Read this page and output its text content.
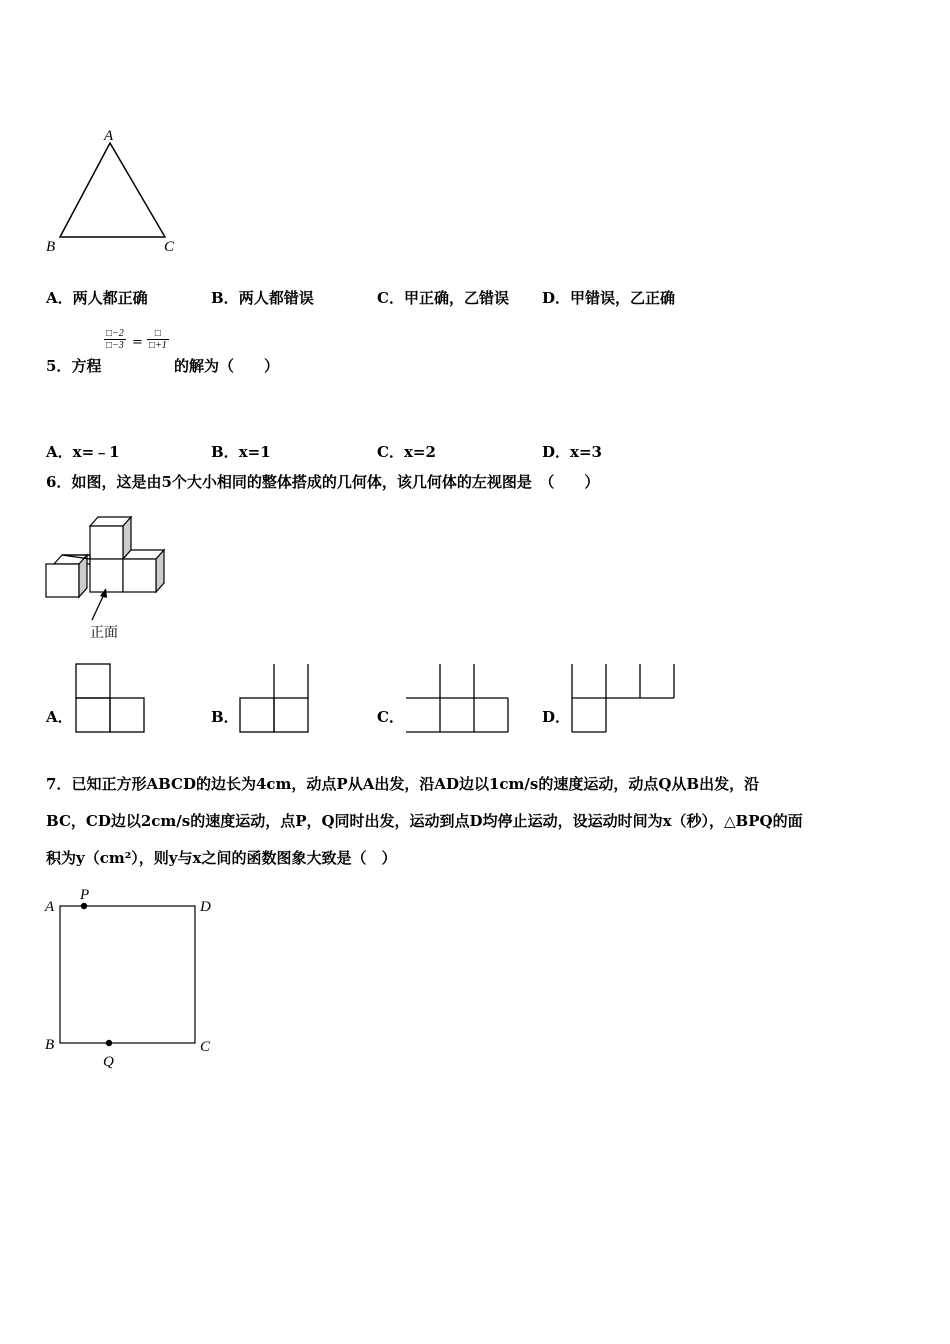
A
B	C
A．两人都正确	B．两人都错误	C．甲正确，乙错误 D．甲错误，乙正确
$\frac{□-2}{□-3}$ =
□
□+1
5．方程	的解为（　　）
A．x=﹣1	B．x=1	C．x=2	D．x=3
6．如图，这是由5个大小相同的整体搭成的几何体，该几何体的左视图是　（　　）
正面
A．	B．	C．	D．
7．已知正方形ABCD的边长为4cm，动点P从A出发，沿AD边以1cm/s的速度运动，动点Q从B出发，沿
BC，CD边以2cm/s的速度运动，点P，Q同时出发，运动到点D均停止运动，设运动时间为x（秒），△BPQ的面
积为y（cm²），则y与x之间的函数图象大致是（　）
A
P
D
B	C
Q
